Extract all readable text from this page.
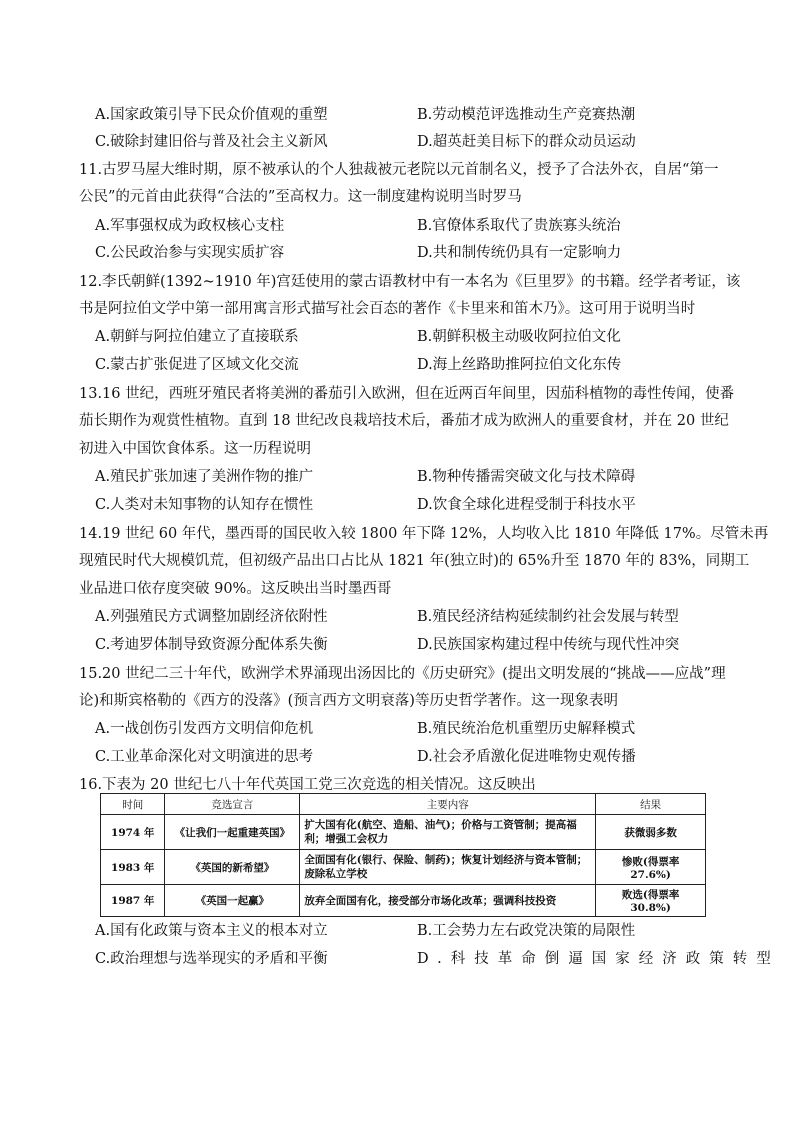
A.国家政策引导下民众价值观的重塑	B.劳动模范评选推动生产竞赛热潮
C.破除封建旧俗与普及社会主义新风	D.超英赶美目标下的群众动员运动
11.古罗马屋大维时期，原不被承认的个人独裁被元老院以元首制名义，授予了合法外衣，自居“第一
公民”的元首由此获得“合法的”至高权力。这一制度建构说明当时罗马
A.军事强权成为政权核心支柱	B.官僚体系取代了贵族寡头统治
C.公民政治参与实现实质扩容	D.共和制传统仍具有一定影响力
12.李氏朝鲜(1392~1910 年)宫廷使用的蒙古语教材中有一本名为《巨里罗》的书籍。经学者考证，该
书是阿拉伯文学中第一部用寓言形式描写社会百态的著作《卡里来和笛木乃》。这可用于说明当时
A.朝鲜与阿拉伯建立了直接联系	B.朝鲜积极主动吸收阿拉伯文化
C.蒙古扩张促进了区域文化交流	D.海上丝路助推阿拉伯文化东传
13.16 世纪，西班牙殖民者将美洲的番茄引入欧洲，但在近两百年间里，因茄科植物的毒性传闻，使番
茄长期作为观赏性植物。直到 18 世纪改良栽培技术后，番茄才成为欧洲人的重要食材，并在 20 世纪
初进入中国饮食体系。这一历程说明
A.殖民扩张加速了美洲作物的推广	B.物种传播需突破文化与技术障碍
C.人类对未知事物的认知存在惯性	D.饮食全球化进程受制于科技水平
14.19 世纪 60 年代，墨西哥的国民收入较 1800 年下降 12%，人均收入比 1810 年降低 17%。尽管未再
现殖民时代大规模饥荒，但初级产品出口占比从 1821 年(独立时)的 65%升至 1870 年的 83%，同期工
业品进口依存度突破 90%。这反映出当时墨西哥
A.列强殖民方式调整加剧经济依附性	B.殖民经济结构延续制约社会发展与转型
C.考迪罗体制导致资源分配体系失衡	D.民族国家构建过程中传统与现代性冲突
15.20 世纪二三十年代，欧洲学术界涌现出汤因比的《历史研究》(提出文明发展的“挑战——应战”理
论)和斯宾格勒的《西方的没落》(预言西方文明衰落)等历史哲学著作。这一现象表明
A.一战创伤引发西方文明信仰危机	B.殖民统治危机重塑历史解释模式
C.工业革命深化对文明演进的思考	D.社会矛盾激化促进唯物史观传播
16.下表为 20 世纪七八十年代英国工党三次竞选的相关情况。这反映出
时间	竞选宣言	主要内容	结果
1974 年	《让我们一起重建英国》	扩大国有化(航空、造船、油气)；价格与工资管制；提高福利；增强工会权力	获微弱多数
1983 年	《英国的新希望》	全面国有化(银行、保险、制药)；恢复计划经济与资本管制；废除私立学校	惨败(得票率 27.6%)
1987 年	《英国一起赢》	放弃全面国有化，接受部分市场化改革；强调科技投资	败选(得票率 30.8%)
A.国有化政策与资本主义的根本对立	B.工会势力左右政党决策的局限性
C.政治理想与选举现实的矛盾和平衡	D.科技革命倒逼国家经济政策转型
